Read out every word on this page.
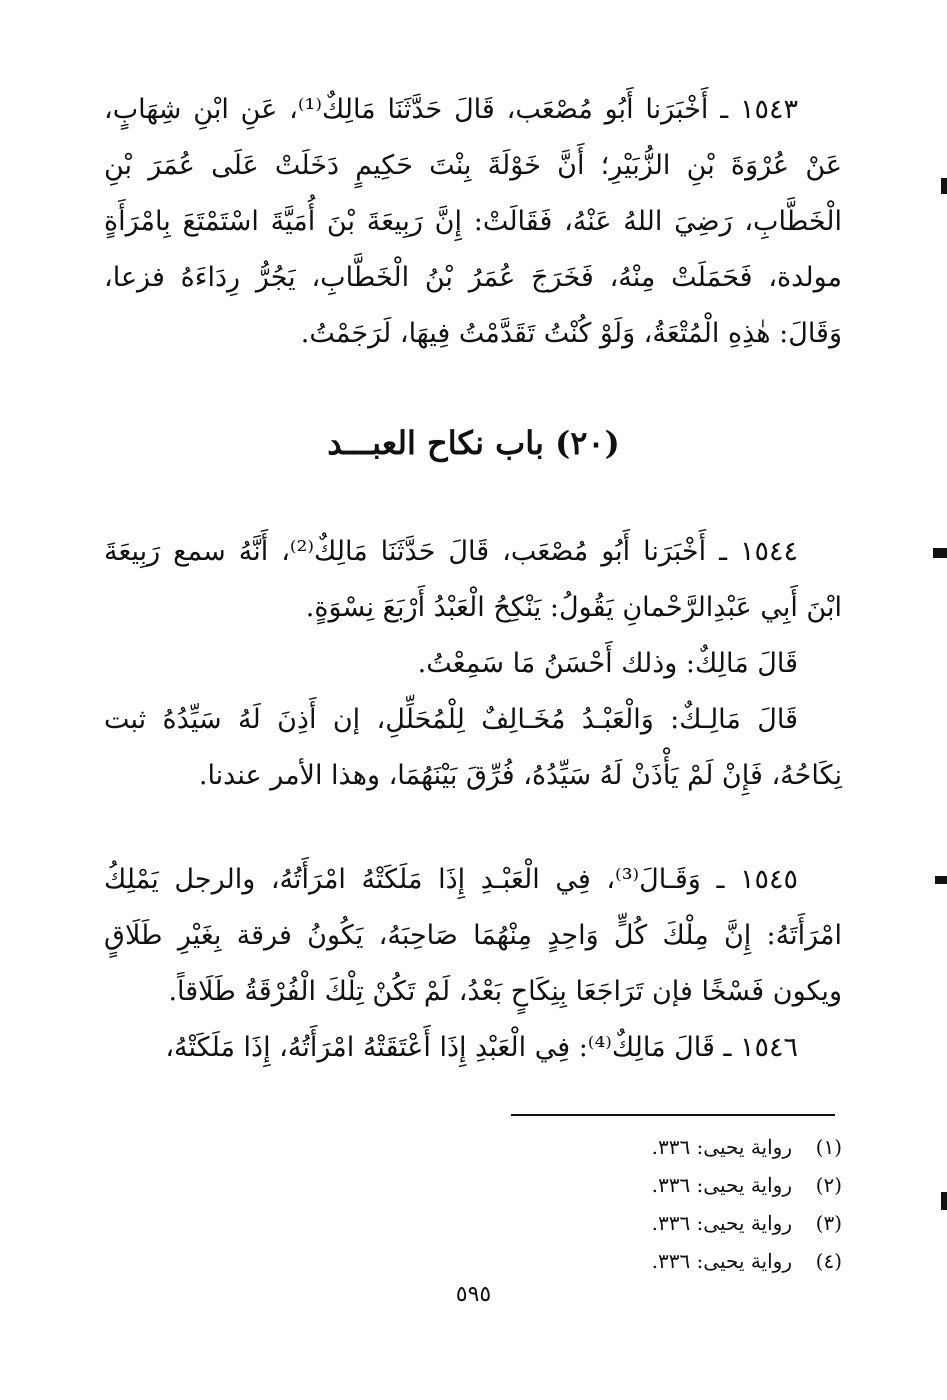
١٥٤٣ ـ أَخْبَرَنا أَبُو مُصْعَب، قَالَ حَدَّثَنَا مَالِكٌ⁽¹⁾، عَنِ ابْنِ شِهَابٍ، عَنْ عُرْوَةَ بْنِ الزُّبَيْرِ؛ أَنَّ خَوْلَةَ بِنْتَ حَكِيمٍ دَخَلَتْ عَلَى عُمَرَ بْنِ الْخَطَّابِ، رَضِيَ اللهُ عَنْهُ، فَقَالَتْ: إِنَّ رَبِيعَةَ بْنَ أُمَيَّةَ اسْتَمْتَعَ بِامْرَأَةٍ مولدة، فَحَمَلَتْ مِنْهُ، فَخَرَجَ عُمَرُ بْنُ الْخَطَّابِ، يَجُرُّ رِدَاءَهُ فزعا، وَقَالَ: هٰذِهِ الْمُتْعَةُ، وَلَوْ كُنْتُ تَقَدَّمْتُ فِيهَا، لَرَجَمْتُ.

(٢٠) باب نكاح العبـــد

١٥٤٤ ـ أَخْبَرَنا أَبُو مُصْعَب، قَالَ حَدَّثَنَا مَالِكٌ⁽²⁾، أَنَّهُ سمع رَبِيعَةَ ابْنَ أَبِي عَبْدِالرَّحْمانِ يَقُولُ: يَنْكِحُ الْعَبْدُ أَرْبَعَ نِسْوَةٍ.

قَالَ مَالِكٌ: وذلك أَحْسَنُ مَا سَمِعْتُ.

قَالَ مَالِـكٌ: وَالْعَبْـدُ مُخَـالِفٌ لِلْمُحَلِّلِ، إن أَذِنَ لَهُ سَيِّدُهُ ثبت نِكَاحُهُ، فَإِنْ لَمْ يَأْذَنْ لَهُ سَيِّدُهُ، فُرِّقَ بَيْنَهُمَا، وهذا الأمر عندنا.

١٥٤٥ ـ وَقَـالَ⁽³⁾، فِي الْعَبْـدِ إِذَا مَلَكَتْهُ امْرَأَتُهُ، والرجل يَمْلِكُ امْرَأَتَهُ: إِنَّ مِلْكَ كُلٍّ وَاحِدٍ مِنْهُمَا صَاحِبَهُ، يَكُونُ فرقة بِغَيْرِ طَلَاقٍ ويكون فَسْخًا فإن تَرَاجَعَا بِنِكَاحٍ بَعْدُ، لَمْ تَكُنْ تِلْكَ الْفُرْقَةُ طَلَاقاً.

١٥٤٦ ـ قَالَ مَالِكٌ⁽⁴⁾: فِي الْعَبْدِ إِذَا أَعْتَقَتْهُ امْرَأَتُهُ، إِذَا مَلَكَتْهُ،

(١)رواية يحيى: ٣٣٦.
(٢)رواية يحيى: ٣٣٦.
(٣)رواية يحيى: ٣٣٦.
(٤)رواية يحيى: ٣٣٦.

٥٩٥
